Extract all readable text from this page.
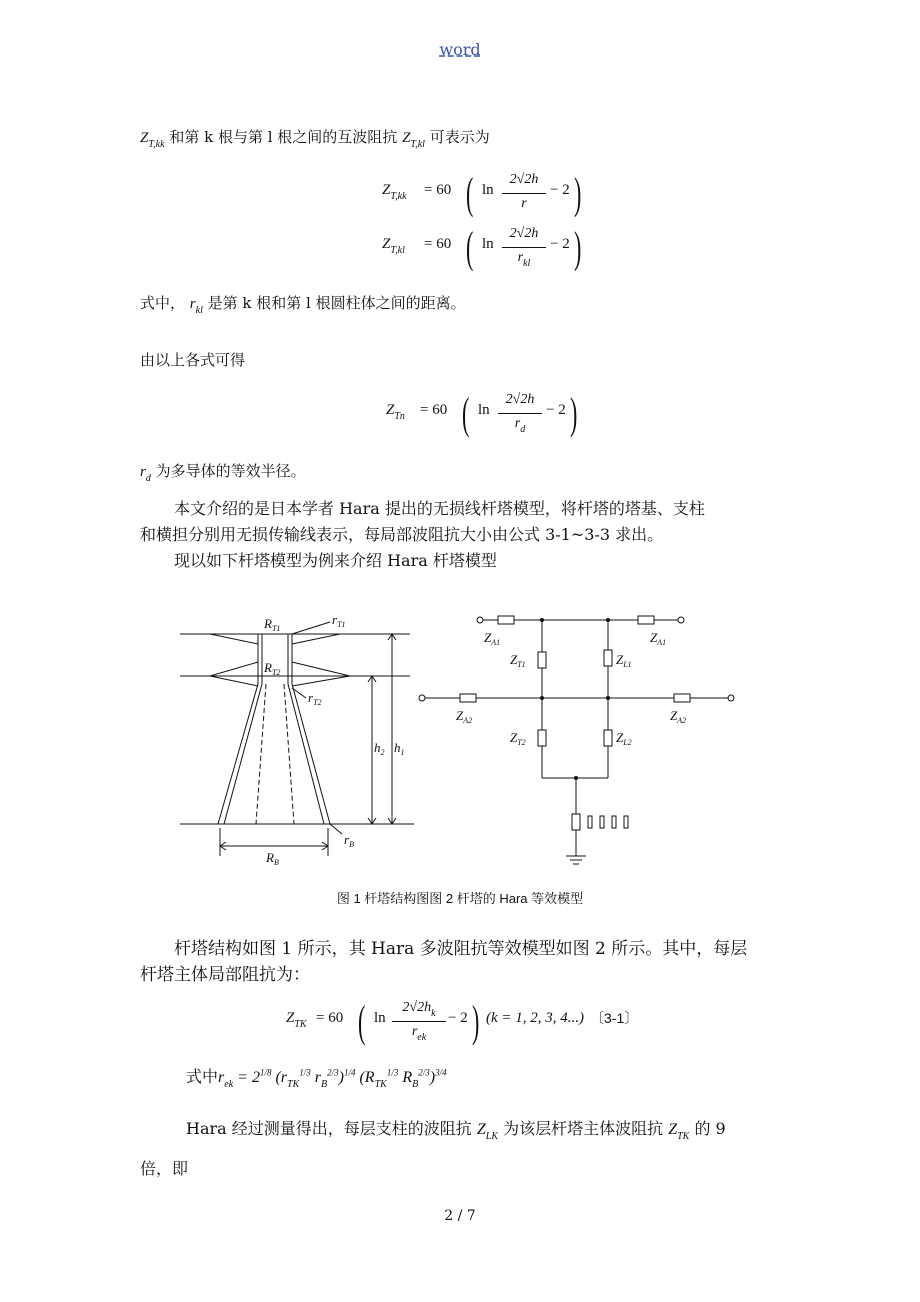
word
$Z_{T,kk}$ 和第 k 根与第 l 根之间的互波阻抗 $Z_{T,kl}$ 可表示为
$Z_{T,kk} = 60$ ( ln
2√2h
r
− 2 )
$Z_{T,kl} = 60$ ( ln
2√2h
$r_{kl}$
− 2 )
式中， $r_{kl}$ 是第 k 根和第 l 根圆柱体之间的距离。
由以上各式可得
$Z_{Tn} = 60$ ( ln
2√2h
$r_d$
− 2 )
$r_d$ 为多导体的等效半径。
本文介绍的是日本学者 Hara 提出的无损线杆塔模型，将杆塔的塔基、支柱
和横担分别用无损传输线表示，每局部波阻抗大小由公式 3-1~3-3 求出。
现以如下杆塔模型为例来介绍 Hara 杆塔模型
$R_{T1}$
$r_{T1}$
$R_{T2}$
$r_{T2}$
$h_2$ $h_1$
$r_B$
$R_B$
$Z_{A1}$	$Z_{A1}$
$Z_{T1}$	$Z_{L1}$
$Z_{A2}$	$Z_{A2}$
$Z_{T2}$	$Z_{L2}$
图 1 杆塔结构图图 2 杆塔的 Hara 等效模型
杆塔结构如图 1 所示，其 Hara 多波阻抗等效模型如图 2 所示。其中，每层
杆塔主体局部阻抗为：
$Z_{TK} = 60$ ( ln
$2√2h_k$
$r_{ek}$
− 2 ) (k = 1, 2, 3, 4...) 〔3-1〕
式中$r_{ek} = 2^{1/8}$ ($r_{TK}^{1/3}$ $r_B^{2/3})^{1/4}$ ($R_{TK}^{1/3}$ $R_B^{2/3})^{3/4}$
Hara 经过测量得出，每层支柱的波阻抗 $Z_{LK}$ 为该层杆塔主体波阻抗 $Z_{TK}$ 的 9
倍，即
2 / 7
